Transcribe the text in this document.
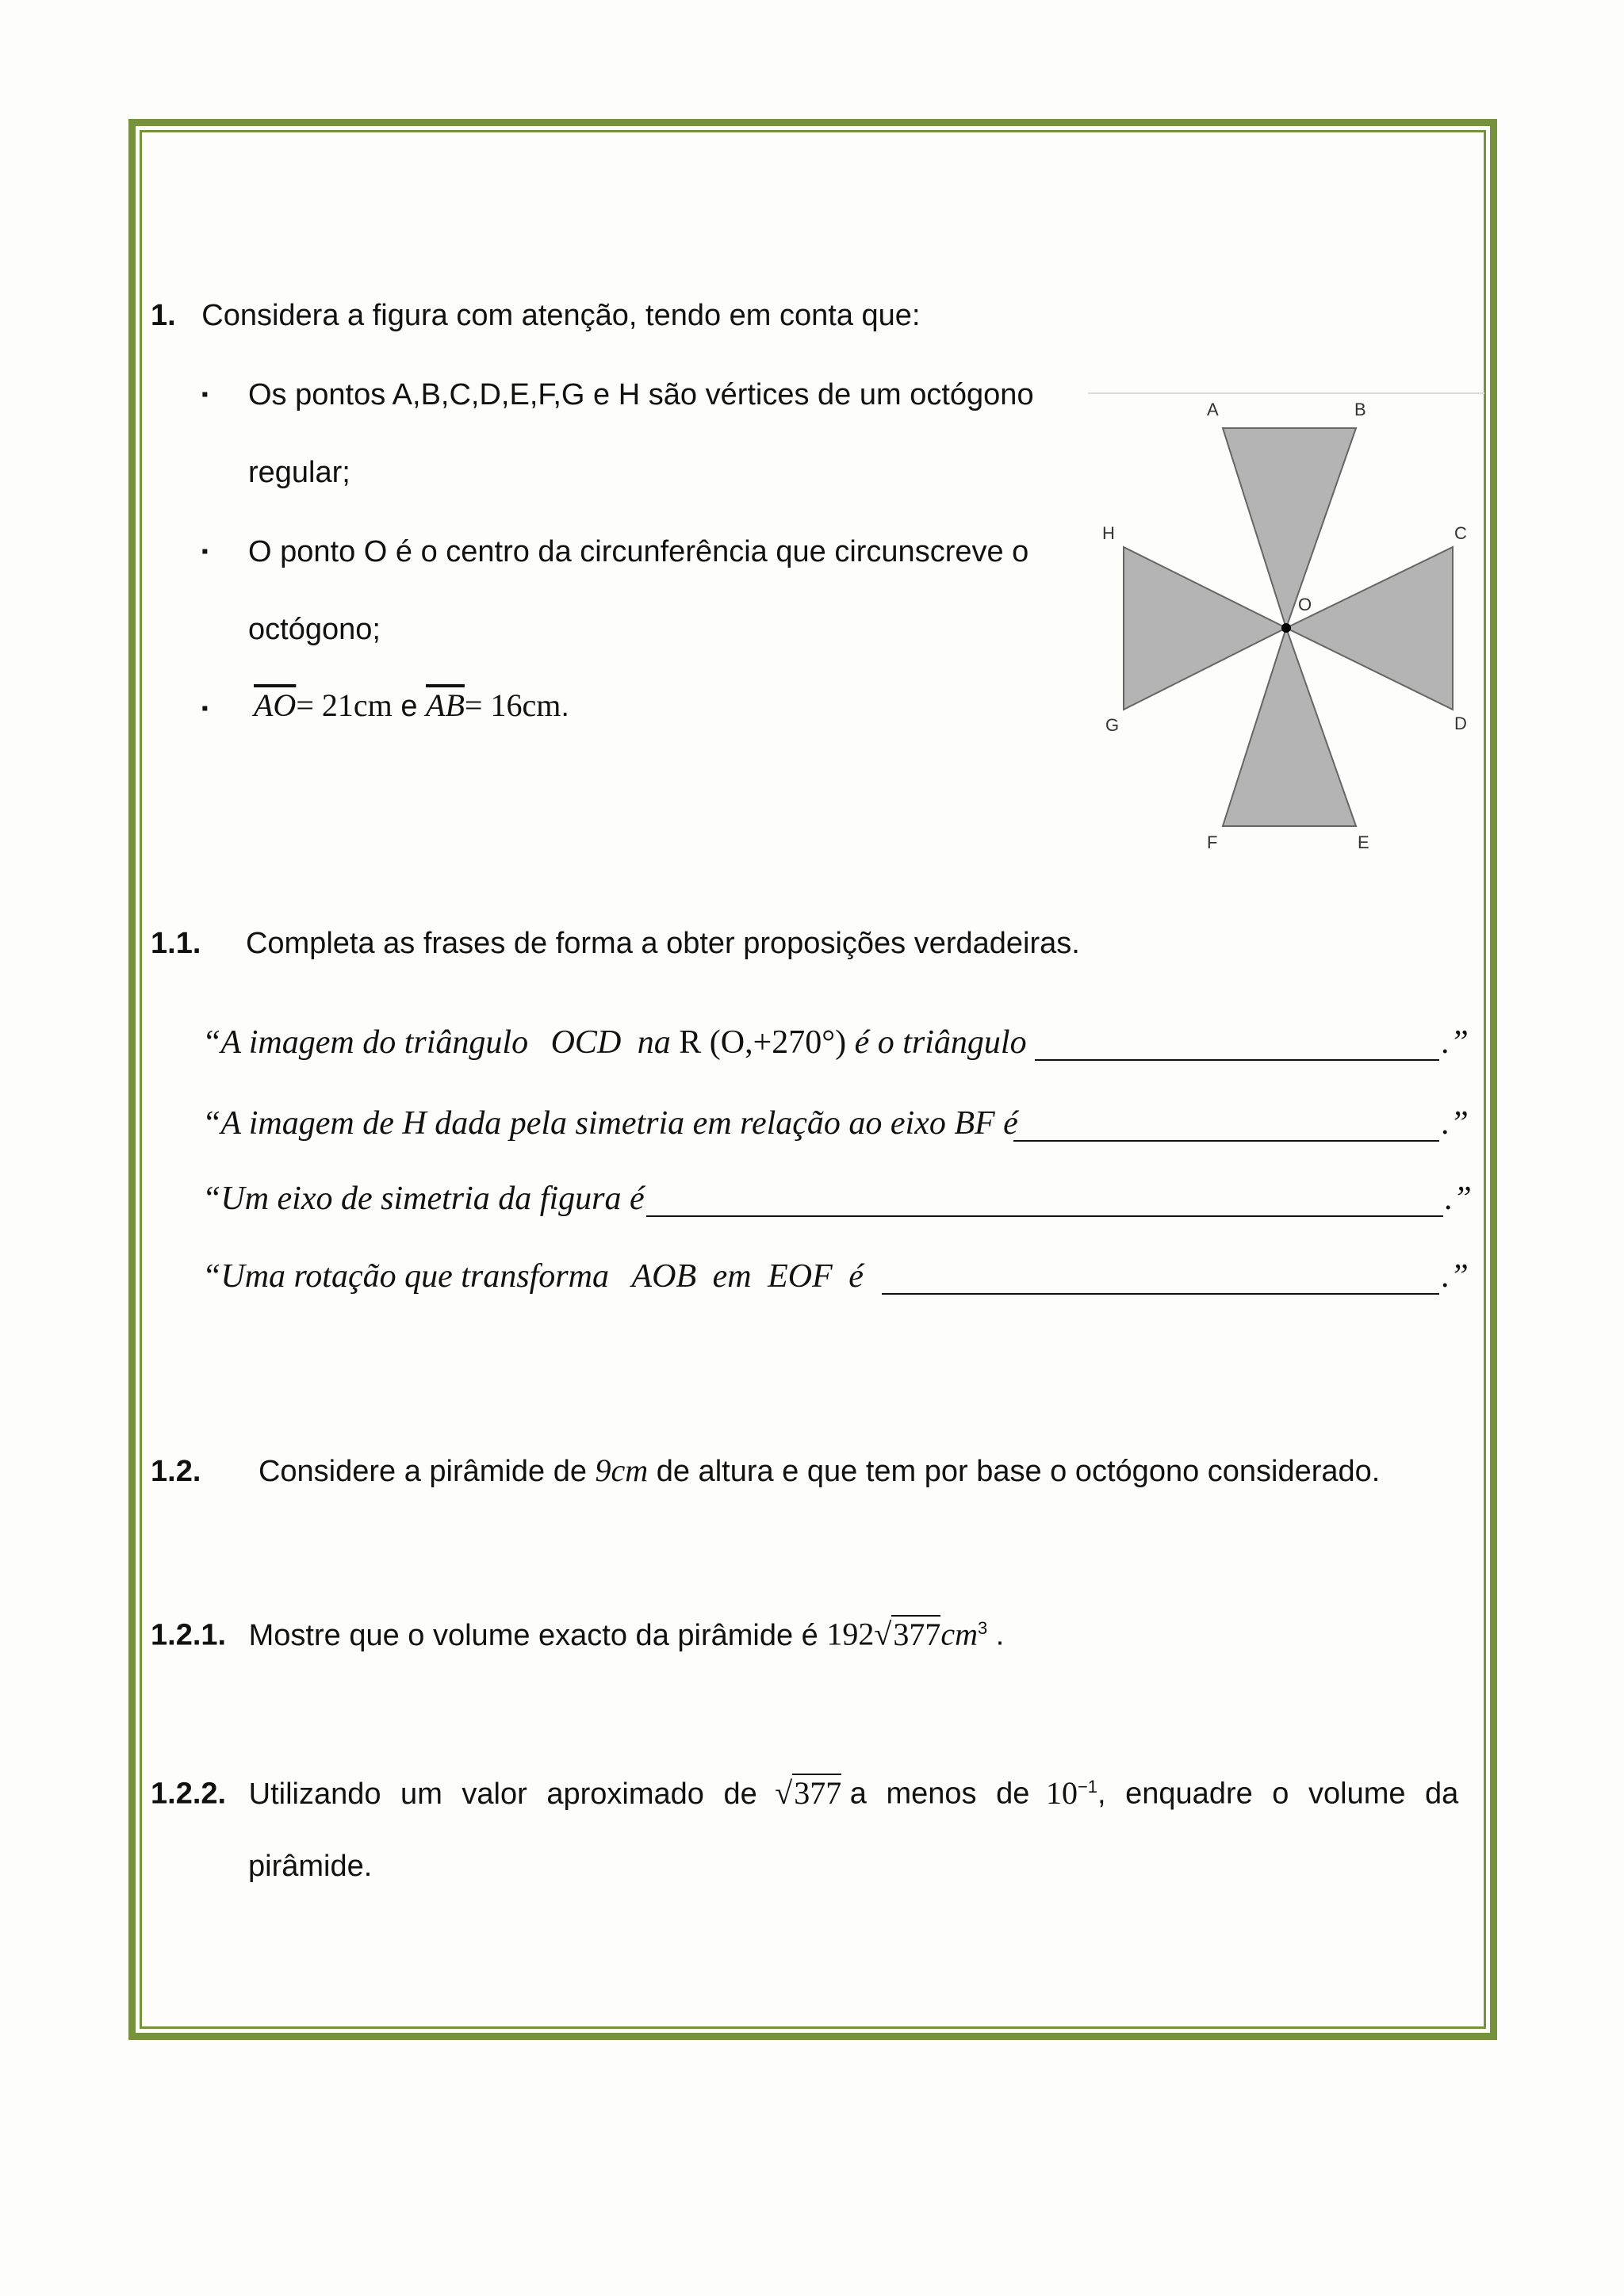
1. Considera a figura com atenção, tendo em conta que:
▪ Os pontos A,B,C,D,E,F,G e H são vértices de um octógono
regular;
▪ O ponto O é o centro da circunferência que circunscreve o
octógono;
▪ $\overline{AO}= 21cm$ e $\overline{AB}= 16cm$.
A	B
C
D
E
F
G
H
O
1.1. Completa as frases de forma a obter proposições verdadeiras.
“A imagem do triângulo OCD na R (O,+270°) é o triângulo	.”
“A imagem de H dada pela simetria em relação ao eixo BF é	.”
“Um eixo de simetria da figura é	.”
“Uma rotação que transforma AOB em EOF é	.”
1.2. Considere a pirâmide de 9cm de altura e que tem por base o octógono considerado.
1.2.1. Mostre que o volume exacto da pirâmide é $192√377cm^3$ .
1.2.2. Utilizando um valor aproximado de √377 a menos de $10^{-1}$, enquadre o volume da
pirâmide.
